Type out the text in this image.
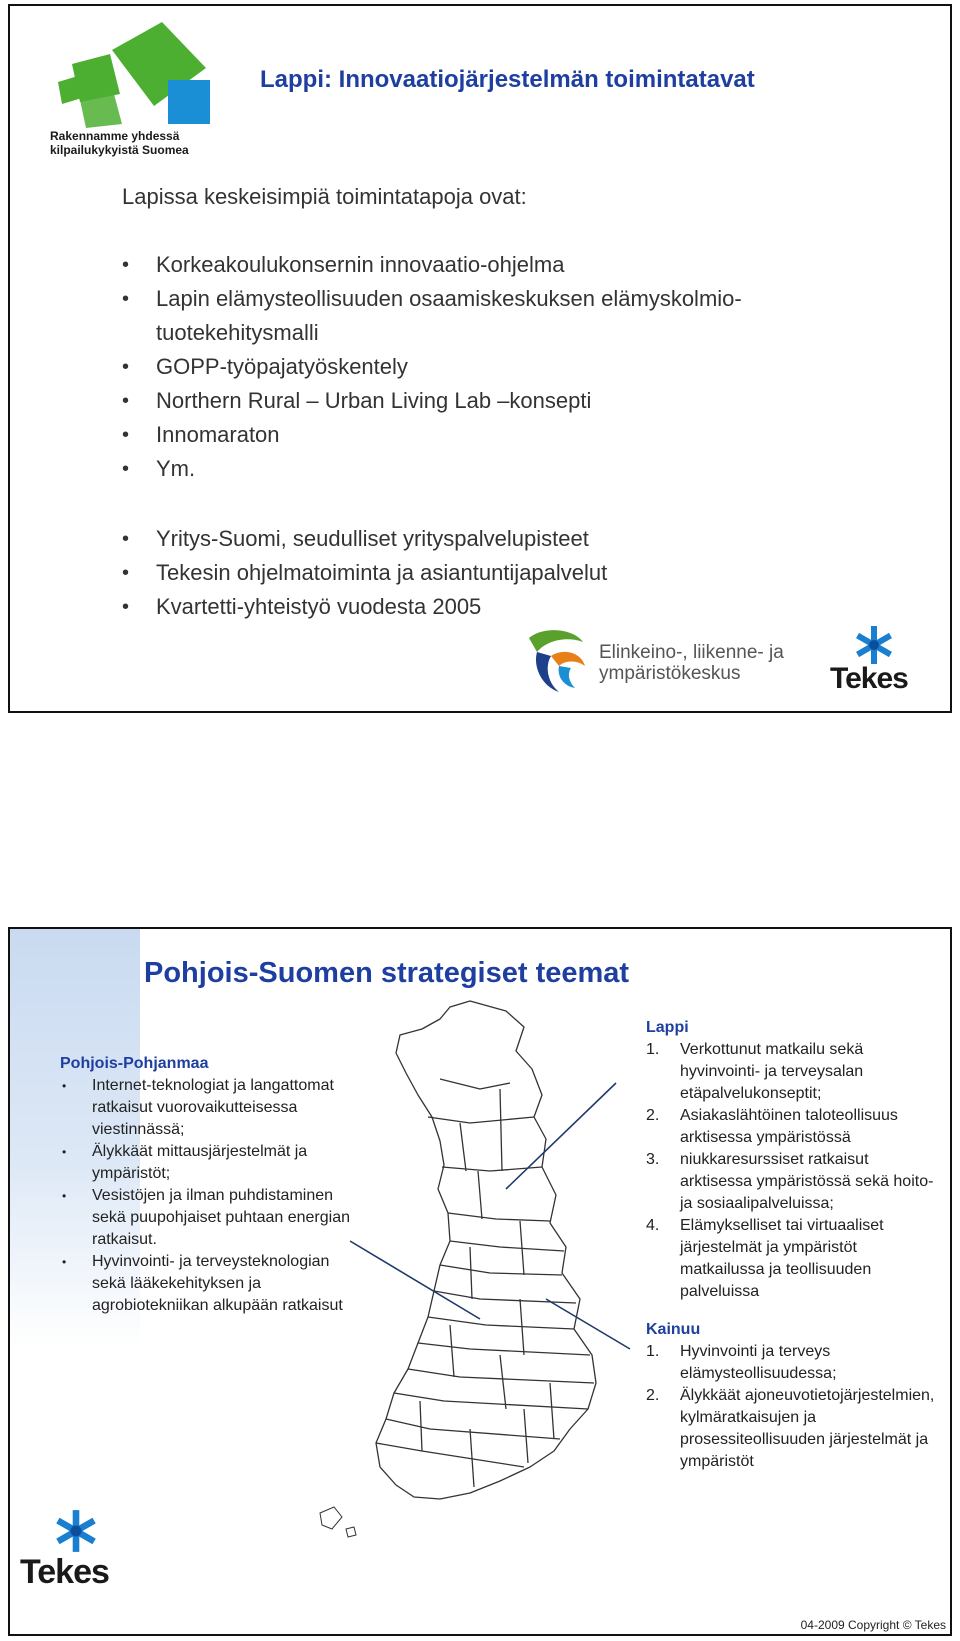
Rakennamme yhdessä
kilpailukykyistä Suomea
Lappi: Innovaatiojärjestelmän toimintatavat
Lapissa keskeisimpiä toimintatapoja ovat:
• Korkeakoulukonsernin innovaatio-ohjelma
• Lapin elämysteollisuuden osaamiskeskuksen elämyskolmio-tuotekehitysmalli
• GOPP-työpajatyöskentely
• Northern Rural – Urban Living Lab –konsepti
• Innomaraton
• Ym.
• Yritys-Suomi, seudulliset yrityspalvelupisteet
• Tekesin ohjelmatoiminta ja asiantuntijapalvelut
• Kvartetti-yhteistyö vuodesta 2005
Elinkeino-, liikenne- ja
ympäristökeskus	Tekes
Pohjois-Suomen strategiset teemat
Pohjois-Pohjanmaa
• Internet-teknologiat ja langattomat ratkaisut vuorovaikutteisessa viestinnässä;
• Älykkäät mittausjärjestelmät ja ympäristöt;
• Vesistöjen ja ilman puhdistaminen sekä puupohjaiset puhtaan energian ratkaisut.
• Hyvinvointi- ja terveysteknologian sekä lääkekehityksen ja agrobiotekniikan alkupään ratkaisut
Lappi
1. Verkottunut matkailu sekä hyvinvointi- ja terveysalan etäpalvelukonseptit;
2. Asiakaslähtöinen taloteollisuus arktisessa ympäristössä
3. niukkaresurssiset ratkaisut arktisessa ympäristössä sekä hoito- ja sosiaalipalveluissa;
4. Elämykselliset tai virtuaaliset järjestelmät ja ympäristöt matkailussa ja teollisuuden palveluissa
Kainuu
1. Hyvinvointi ja terveys elämysteollisuudessa;
2. Älykkäät ajoneuvotietojärjestelmien, kylmäratkaisujen ja prosessiteollisuuden järjestelmät ja ympäristöt
Tekes
04-2009 Copyright © Tekes
